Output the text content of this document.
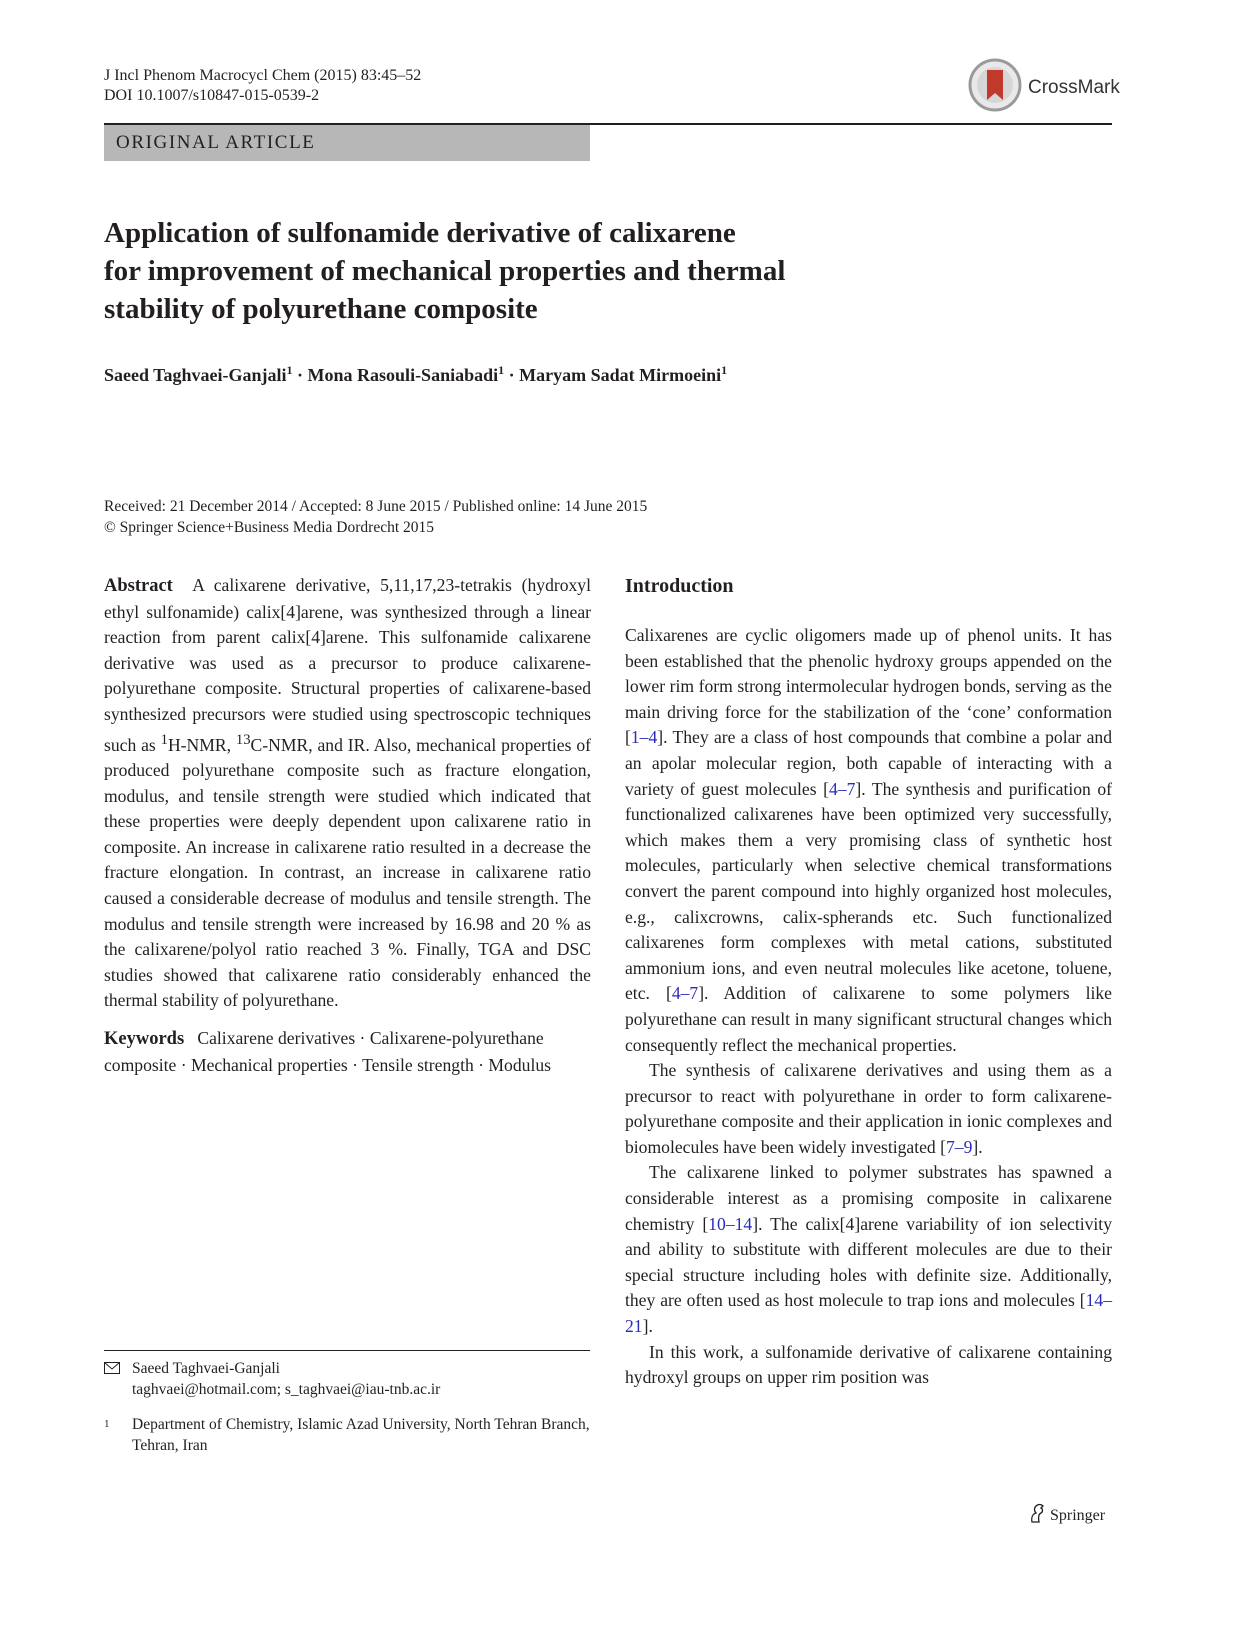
J Incl Phenom Macrocycl Chem (2015) 83:45–52
DOI 10.1007/s10847-015-0539-2	CrossMark
ORIGINAL ARTICLE
Application of sulfonamide derivative of calixarene
for improvement of mechanical properties and thermal
stability of polyurethane composite
Saeed Taghvaei-Ganjali$^1$ · Mona Rasouli-Saniabadi$^1$ · Maryam Sadat Mirmoeini$^1$
Received: 21 December 2014 / Accepted: 8 June 2015 / Published online: 14 June 2015
© Springer Science+Business Media Dordrecht 2015

Abstract A calixarene derivative, 5,11,17,23-tetrakis (hydroxyl ethyl sulfonamide) calix[4]arene, was synthesized through a linear reaction from parent calix[4]arene. This sulfonamide calixarene derivative was used as a precursor to produce calixarene-polyurethane composite. Structural properties of calixarene-based synthesized precursors were studied using spectroscopic techniques such as $^1$H-NMR, $^{13}$C-NMR, and IR. Also, mechanical properties of produced polyurethane composite such as fracture elongation, modulus, and tensile strength were studied which indicated that these properties were deeply dependent upon calixarene ratio in composite. An increase in calixarene ratio resulted in a decrease the fracture elongation. In contrast, an increase in calixarene ratio caused a considerable decrease of modulus and tensile strength. The modulus and tensile strength were increased by 16.98 and 20 % as the calixarene/polyol ratio reached 3 %. Finally, TGA and DSC studies showed that calixarene ratio considerably enhanced the thermal stability of polyurethane.

Keywords Calixarene derivatives · Calixarene-polyurethane composite · Mechanical properties · Tensile strength · Modulus

Introduction

Calixarenes are cyclic oligomers made up of phenol units. It has been established that the phenolic hydroxy groups appended on the lower rim form strong intermolecular hydrogen bonds, serving as the main driving force for the stabilization of the ‘cone’ conformation [1–4]. They are a class of host compounds that combine a polar and an apolar molecular region, both capable of interacting with a variety of guest molecules [4–7]. The synthesis and purification of functionalized calixarenes have been optimized very successfully, which makes them a very promising class of synthetic host molecules, particularly when selective chemical transformations convert the parent compound into highly organized host molecules, e.g., calixcrowns, calix-spherands etc. Such functionalized calixarenes form complexes with metal cations, substituted ammonium ions, and even neutral molecules like acetone, toluene, etc. [4–7]. Addition of calixarene to some polymers like polyurethane can result in many significant structural changes which consequently reflect the mechanical properties.

The synthesis of calixarene derivatives and using them as a precursor to react with polyurethane in order to form calixarene-polyurethane composite and their application in ionic complexes and biomolecules have been widely investigated [7–9].

The calixarene linked to polymer substrates has spawned a considerable interest as a promising composite in calixarene chemistry [10–14]. The calix[4]arene variability of ion selectivity and ability to substitute with different molecules are due to their special structure including holes with definite size. Additionally, they are often used as host molecule to trap ions and molecules [14–21].

In this work, a sulfonamide derivative of calixarene containing hydroxyl groups on upper rim position was

Saeed Taghvaei-Ganjali
taghvaei@hotmail.com; s_taghvaei@iau-tnb.ac.ir
1	Department of Chemistry, Islamic Azad University, North Tehran Branch, Tehran, Iran
Springer
